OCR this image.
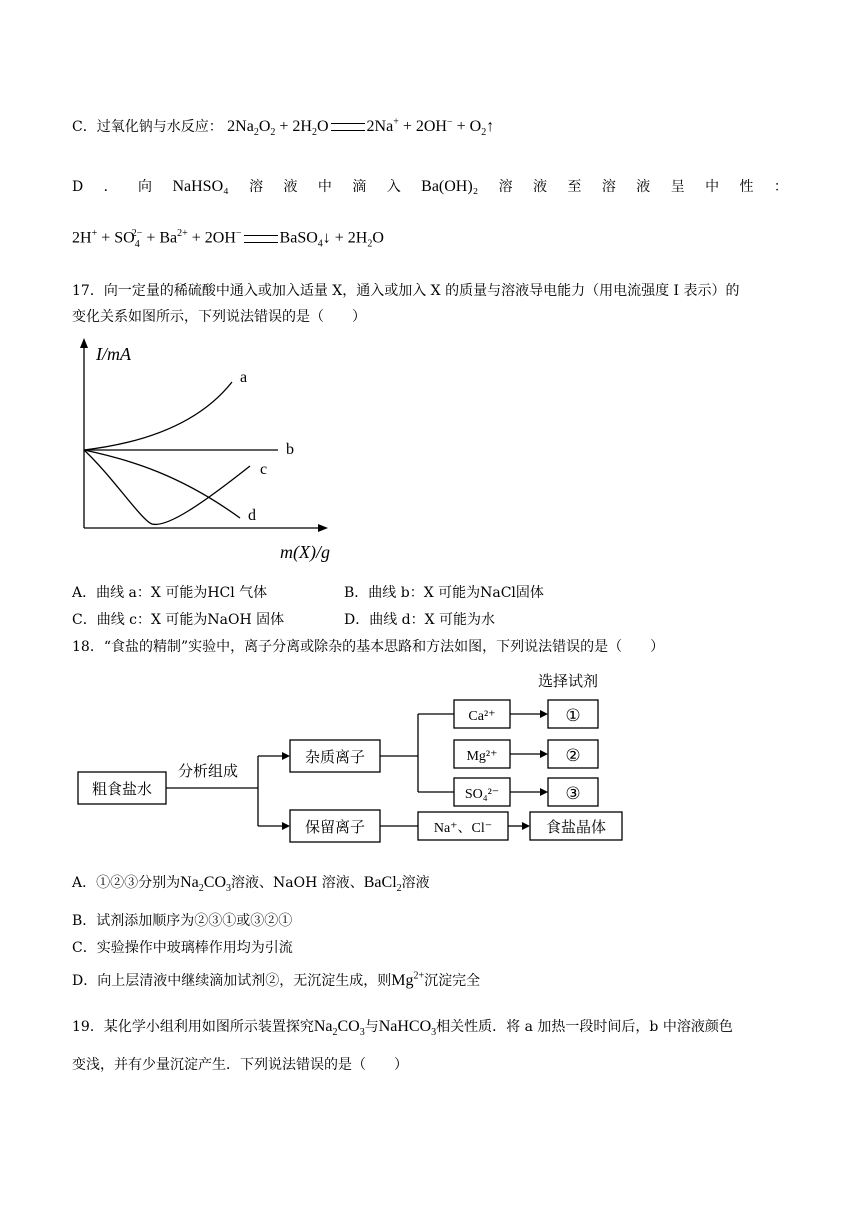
C．过氧化钠与水反应： $2Na_2O_2 + 2H_2O$ $2Na^+ + 2OH^- + O_2↑$
D ． 向 NaHSO₄ 溶 液 中 滴 入 Ba(OH)₂ 溶 液 至 溶 液 呈 中 性 ：
$2H^+ + SO_4^{2-} + Ba^{2+} + 2OH^-$ BaSO$_4$↓ + $2H_2O$
17．向一定量的稀硫酸中通入或加入适量 X，通入或加入 X 的质量与溶液导电能力（用电流强度 I 表示）的
变化关系如图所示，下列说法错误的是（　　）
I/mA
m(X)/g
a
b
c
d
A．曲线 a：X 可能为HCl 气体	B．曲线 b：X 可能为NaCl固体
C．曲线 c：X 可能为NaOH 固体	D．曲线 d：X 可能为水
18．“食盐的精制”实验中，离子分离或除杂的基本思路和方法如图，下列说法错误的是（　　）
选择试剂
粗食盐水
分析组成
杂质离子
保留离子
Ca²⁺
Mg²⁺
SO₄²⁻
①
②
③
Na⁺、Cl⁻	食盐晶体
A．①②③分别为$Na_2CO_3$溶液、NaOH 溶液、BaCl$_2$溶液
B．试剂添加顺序为②③①或③②①
C．实验操作中玻璃棒作用均为引流
D．向上层清液中继续滴加试剂②，无沉淀生成，则$Mg^{2+}$沉淀完全
19．某化学小组利用如图所示装置探究$Na_2CO_3$与NaHCO$_3$相关性质．将 a 加热一段时间后，b 中溶液颜色
变浅，并有少量沉淀产生．下列说法错误的是（　　）
